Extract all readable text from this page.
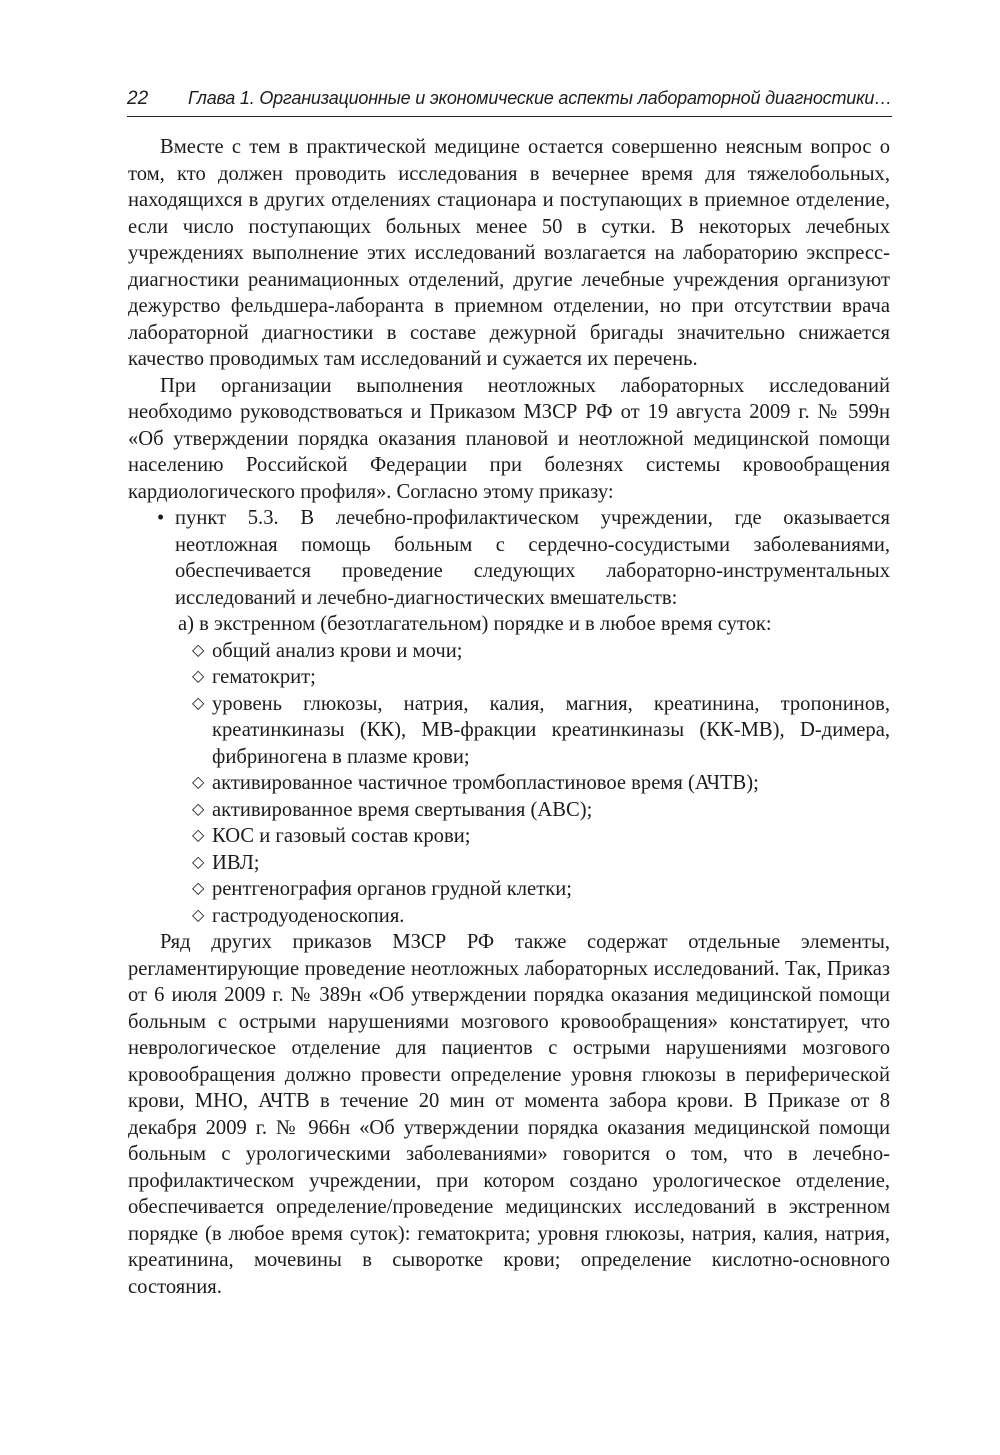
22 Глава 1. Организационные и экономические аспекты лабораторной диагностики…

Вместе с тем в практической медицине остается совершенно неясным вопрос о том, кто должен проводить исследования в вечернее время для тяжелобольных, находящихся в других отделениях стационара и поступающих в приемное отделение, если число поступающих больных менее 50 в сутки. В некоторых лечебных учреждениях выполнение этих исследований возлагается на лабораторию экспресс-диагностики реанимационных отделений, другие лечебные учреждения организуют дежурство фельдшера-лаборанта в приемном отделении, но при отсутствии врача лабораторной диагностики в составе дежурной бригады значительно снижается качество проводимых там исследований и сужается их перечень.

При организации выполнения неотложных лабораторных исследований необходимо руководствоваться и Приказом МЗСР РФ от 19 августа 2009 г. № 599н «Об утверждении порядка оказания плановой и неотложной медицинской помощи населению Российской Федерации при болезнях системы кровообращения кардиологического профиля». Согласно этому приказу:

• пункт 5.3. В лечебно-профилактическом учреждении, где оказывается неотложная помощь больным с сердечно-сосудистыми заболеваниями, обеспечивается проведение следующих лабораторно-инструментальных исследований и лечебно-диагностических вмешательств:

а) в экстренном (безотлагательном) порядке и в любое время суток:

◇ общий анализ крови и мочи;
◇ гематокрит;
◇ уровень глюкозы, натрия, калия, магния, креатинина, тропонинов, креатинкиназы (КК), МВ-фракции креатинкиназы (КК-МВ), D-димера, фибриногена в плазме крови;
◇ активированное частичное тромбопластиновое время (АЧТВ);
◇ активированное время свертывания (АВС);
◇ КОС и газовый состав крови;
◇ ИВЛ;
◇ рентгенография органов грудной клетки;
◇ гастродуоденоскопия.

Ряд других приказов МЗСР РФ также содержат отдельные элементы, регламентирующие проведение неотложных лабораторных исследований. Так, Приказ от 6 июля 2009 г. № 389н «Об утверждении порядка оказания медицинской помощи больным с острыми нарушениями мозгового кровообращения» констатирует, что неврологическое отделение для пациентов с острыми нарушениями мозгового кровообращения должно провести определение уровня глюкозы в периферической крови, МНО, АЧТВ в течение 20 мин от момента забора крови. В Приказе от 8 декабря 2009 г. № 966н «Об утверждении порядка оказания медицинской помощи больным с урологическими заболеваниями» говорится о том, что в лечебно-профилактическом учреждении, при котором создано урологическое отделение, обеспечивается определение/проведение медицинских исследований в экстренном порядке (в любое время суток): гематокрита; уровня глюкозы, натрия, калия, натрия, креатинина, мочевины в сыворотке крови; определение кислотно-основного состояния.
